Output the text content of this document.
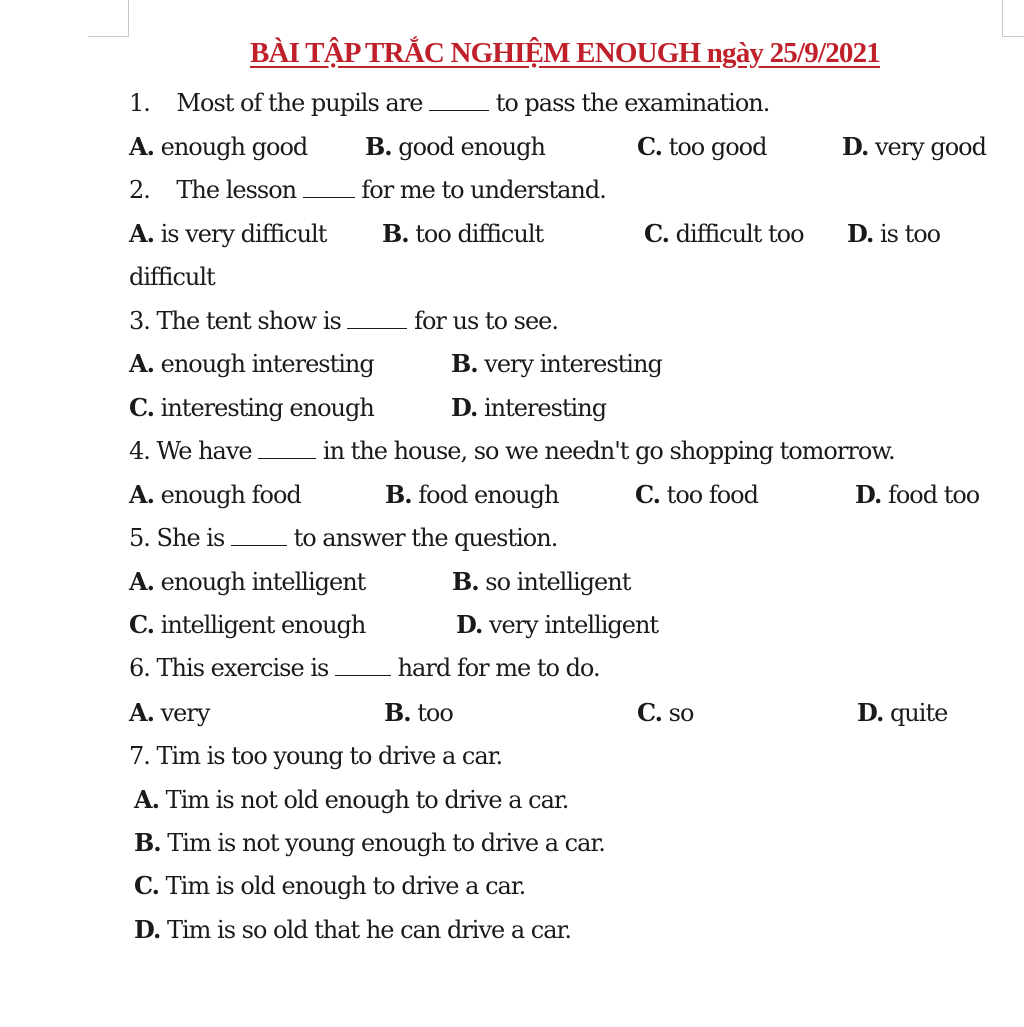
BÀI TẬP TRẮC NGHIỆM ENOUGH ngày 25/9/2021
1. Most of the pupils are	to pass the examination.
A. enough good B. good enough	C. too good	D. very good
2. The lesson	for me to understand.
A. is very difficult B. too difficult	C. difficult too D. is too
difficult
3. The tent show is	for us to see.
A. enough interesting	B. very interesting
C. interesting enough	D. interesting
4. We have	in the house, so we needn't go shopping tomorrow.
A. enough food	B. food enough	C. too food	D. food too
5. She is	to answer the question.
A. enough intelligent	B. so intelligent
C. intelligent enough	D. very intelligent
6. This exercise is	hard for me to do.
A. very	B. too	C. so	D. quite
7. Tim is too young to drive a car.
A. Tim is not old enough to drive a car.
B. Tim is not young enough to drive a car.
C. Tim is old enough to drive a car.
D. Tim is so old that he can drive a car.
